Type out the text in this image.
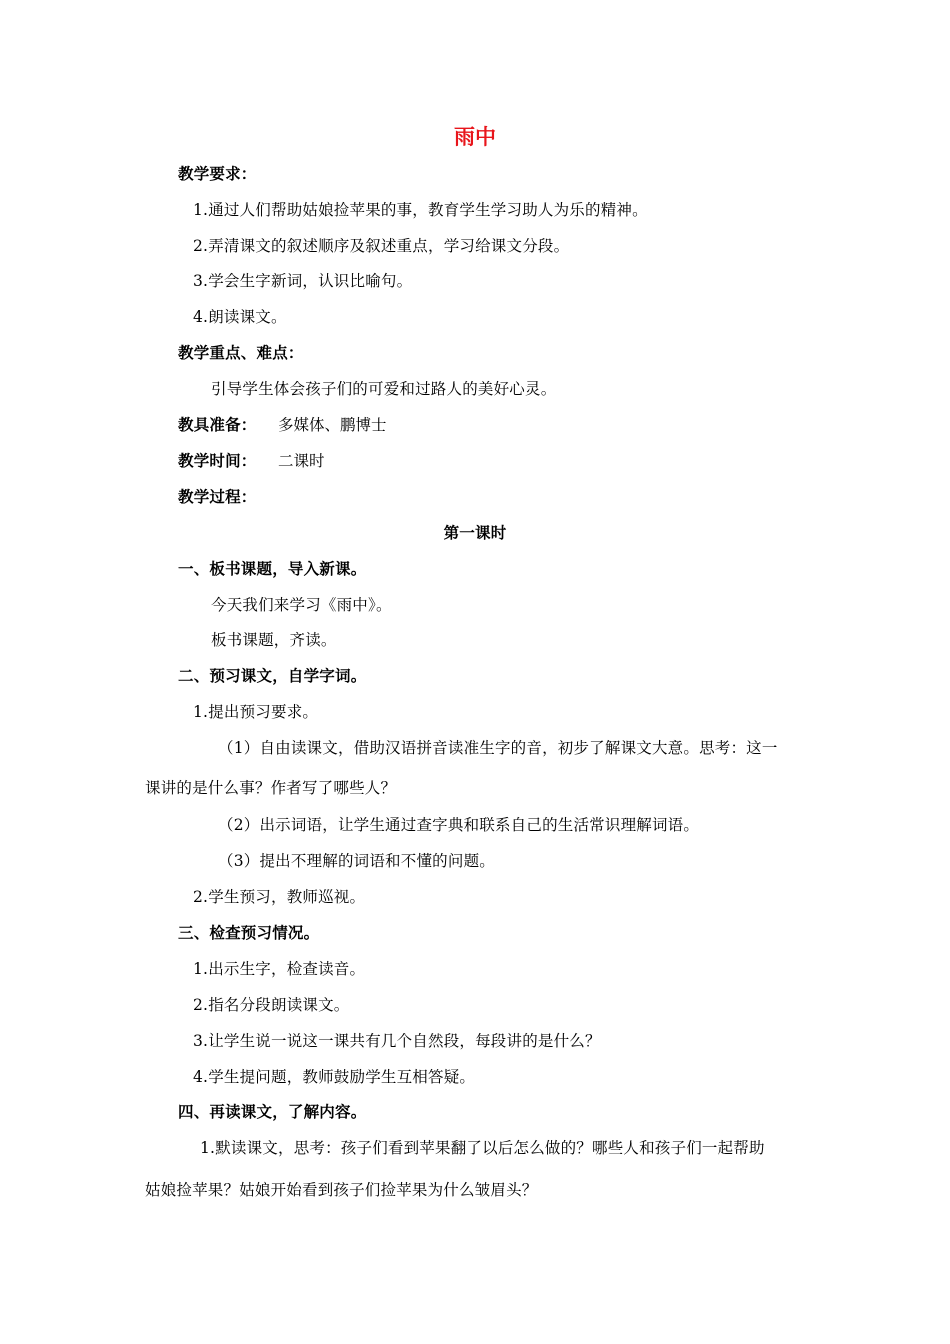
雨中
教学要求：
1.通过人们帮助姑娘捡苹果的事，教育学生学习助人为乐的精神。
2.弄清课文的叙述顺序及叙述重点，学习给课文分段。
3.学会生字新词，认识比喻句。
4.朗读课文。
教学重点、难点：
引导学生体会孩子们的可爱和过路人的美好心灵。
教具准备： 多媒体、鹏博士
教学时间： 二课时
教学过程：
第一课时
一、板书课题，导入新课。
今天我们来学习《雨中》。
板书课题，齐读。
二、预习课文，自学字词。
1.提出预习要求。
（1）自由读课文，借助汉语拼音读准生字的音，初步了解课文大意。思考：这一
课讲的是什么事？作者写了哪些人？
（2）出示词语，让学生通过查字典和联系自己的生活常识理解词语。
（3）提出不理解的词语和不懂的问题。
2.学生预习，教师巡视。
三、检查预习情况。
1.出示生字，检查读音。
2.指名分段朗读课文。
3.让学生说一说这一课共有几个自然段，每段讲的是什么？
4.学生提问题，教师鼓励学生互相答疑。
四、再读课文，了解内容。
1.默读课文，思考：孩子们看到苹果翻了以后怎么做的？哪些人和孩子们一起帮助
姑娘捡苹果？姑娘开始看到孩子们捡苹果为什么皱眉头？
